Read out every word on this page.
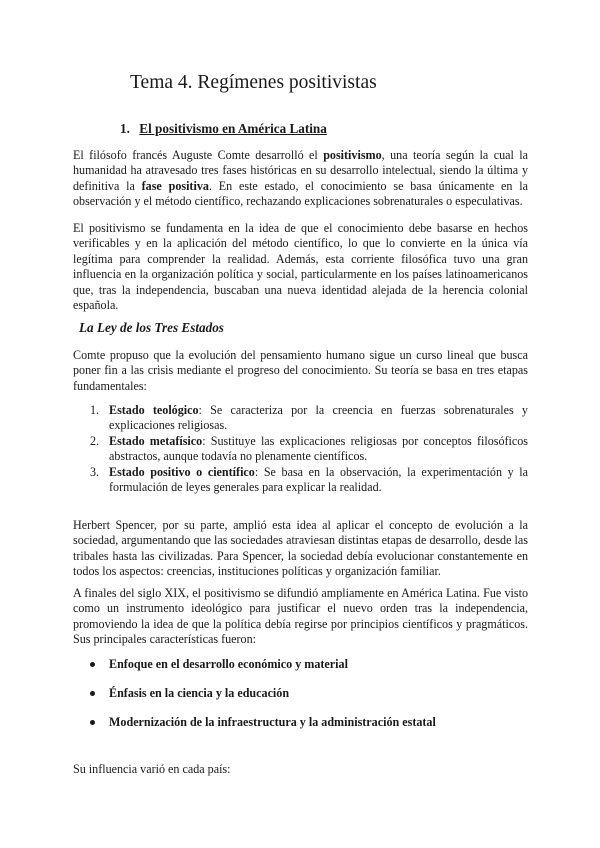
Tema 4. Regímenes positivistas
1. El positivismo en América Latina

El filósofo francés Auguste Comte desarrolló el positivismo, una teoría según la cual la humanidad ha atravesado tres fases históricas en su desarrollo intelectual, siendo la última y definitiva la fase positiva. En este estado, el conocimiento se basa únicamente en la observación y el método científico, rechazando explicaciones sobrenaturales o especulativas.

El positivismo se fundamenta en la idea de que el conocimiento debe basarse en hechos verificables y en la aplicación del método científico, lo que lo convierte en la única vía legítima para comprender la realidad. Además, esta corriente filosófica tuvo una gran influencia en la organización política y social, particularmente en los países latinoamericanos que, tras la independencia, buscaban una nueva identidad alejada de la herencia colonial española.

La Ley de los Tres Estados

Comte propuso que la evolución del pensamiento humano sigue un curso lineal que busca poner fin a las crisis mediante el progreso del conocimiento. Su teoría se basa en tres etapas fundamentales:

1. Estado teológico: Se caracteriza por la creencia en fuerzas sobrenaturales y explicaciones religiosas.
2. Estado metafísico: Sustituye las explicaciones religiosas por conceptos filosóficos abstractos, aunque todavía no plenamente científicos.
3. Estado positivo o científico: Se basa en la observación, la experimentación y la formulación de leyes generales para explicar la realidad.

Herbert Spencer, por su parte, amplió esta idea al aplicar el concepto de evolución a la sociedad, argumentando que las sociedades atraviesan distintas etapas de desarrollo, desde las tribales hasta las civilizadas. Para Spencer, la sociedad debía evolucionar constantemente en todos los aspectos: creencias, instituciones políticas y organización familiar.

A finales del siglo XIX, el positivismo se difundió ampliamente en América Latina. Fue visto como un instrumento ideológico para justificar el nuevo orden tras la independencia, promoviendo la idea de que la política debía regirse por principios científicos y pragmáticos. Sus principales características fueron:

Enfoque en el desarrollo económico y material
Énfasis en la ciencia y la educación
Modernización de la infraestructura y la administración estatal

Su influencia varió en cada país:
